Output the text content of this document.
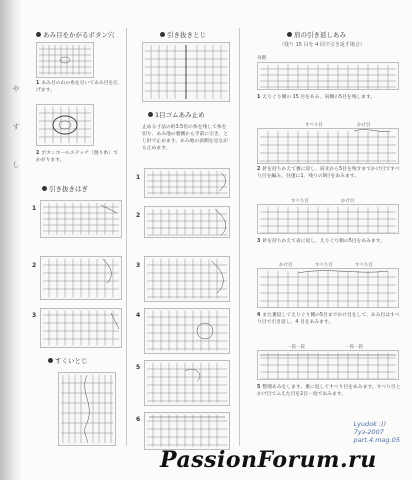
や
す
し
あみ目をかがるボタン穴
1 あみ目の山の糸を引いてあみ目を広げます。
2 ボタンホールステッチ（割り糸）でかがります。
引き抜きはぎ
1
2
3
すくいとじ
引き抜きとじ
1目ゴムあみ止め
止める寸法の約3.5倍の糸を残して糸を切り、あみ地の裏側から手前に引き、とじ針で止めます。あみ地の表側を見ながら止めます。
1
2
3
4
5
6
肩の引き返しあみ
（残り 15 目を 4 回で引き返す場合）
身側
1 えりぐり側の 15 目をあみ、肩側の5目を残します。
すべり目	かけ目
2 針を持ちかえて裏に返し、肩先から5目を残すまでかけ目ですべり目を編み、往復に1、残りの9目をあみます。
すべり目	かけ目
3 針を持ちかえて表に返し、えりぐり側の5目をあみます。
かけ目	すべり目	すべり目
4 また裏返してえりぐり側の5目までかけ目をして、あみ目はすべり目で引き返し、4 目をあみます。
一段一段	一段一段
5 整理あみをします。裏に返してすべり目をあみます。すべり目とかけ目でふえた目を2目一度であみます。
Lyudok :))
7уз-2007
part.4.mag.05
PassionForum.ru
